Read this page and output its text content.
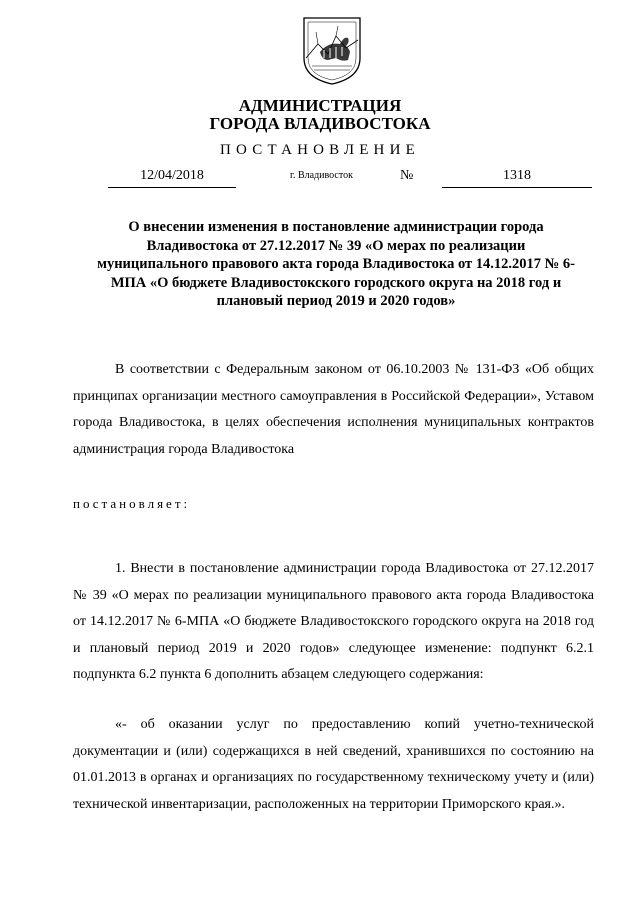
АДМИНИСТРАЦИЯ
ГОРОДА ВЛАДИВОСТОКА
ПОСТАНОВЛЕНИЕ
12/04/2018	г. Владивосток	№	1318
О внесении изменения в постановление администрации города Владивостока от 27.12.2017 № 39 «О мерах по реализации муниципального правового акта города Владивостока от 14.12.2017 № 6-МПА «О бюджете Владивостокского городского округа на 2018 год и плановый период 2019 и 2020 годов»
В соответствии с Федеральным законом от 06.10.2003 № 131-ФЗ «Об общих принципах организации местного самоуправления в Российской Федерации», Уставом города Владивостока, в целях обеспечения исполнения муниципальных контрактов администрация города Владивостока
постановляет:
1. Внести в постановление администрации города Владивостока от 27.12.2017 № 39 «О мерах по реализации муниципального правового акта города Владивостока от 14.12.2017 № 6-МПА «О бюджете Владивостокского городского округа на 2018 год и плановый период 2019 и 2020 годов» следующее изменение: подпункт 6.2.1 подпункта 6.2 пункта 6 дополнить абзацем следующего содержания:
«- об оказании услуг по предоставлению копий учетно-технической документации и (или) содержащихся в ней сведений, хранившихся по состоянию на 01.01.2013 в органах и организациях по государственному техническому учету и (или) технической инвентаризации, расположенных на территории Приморского края.».
